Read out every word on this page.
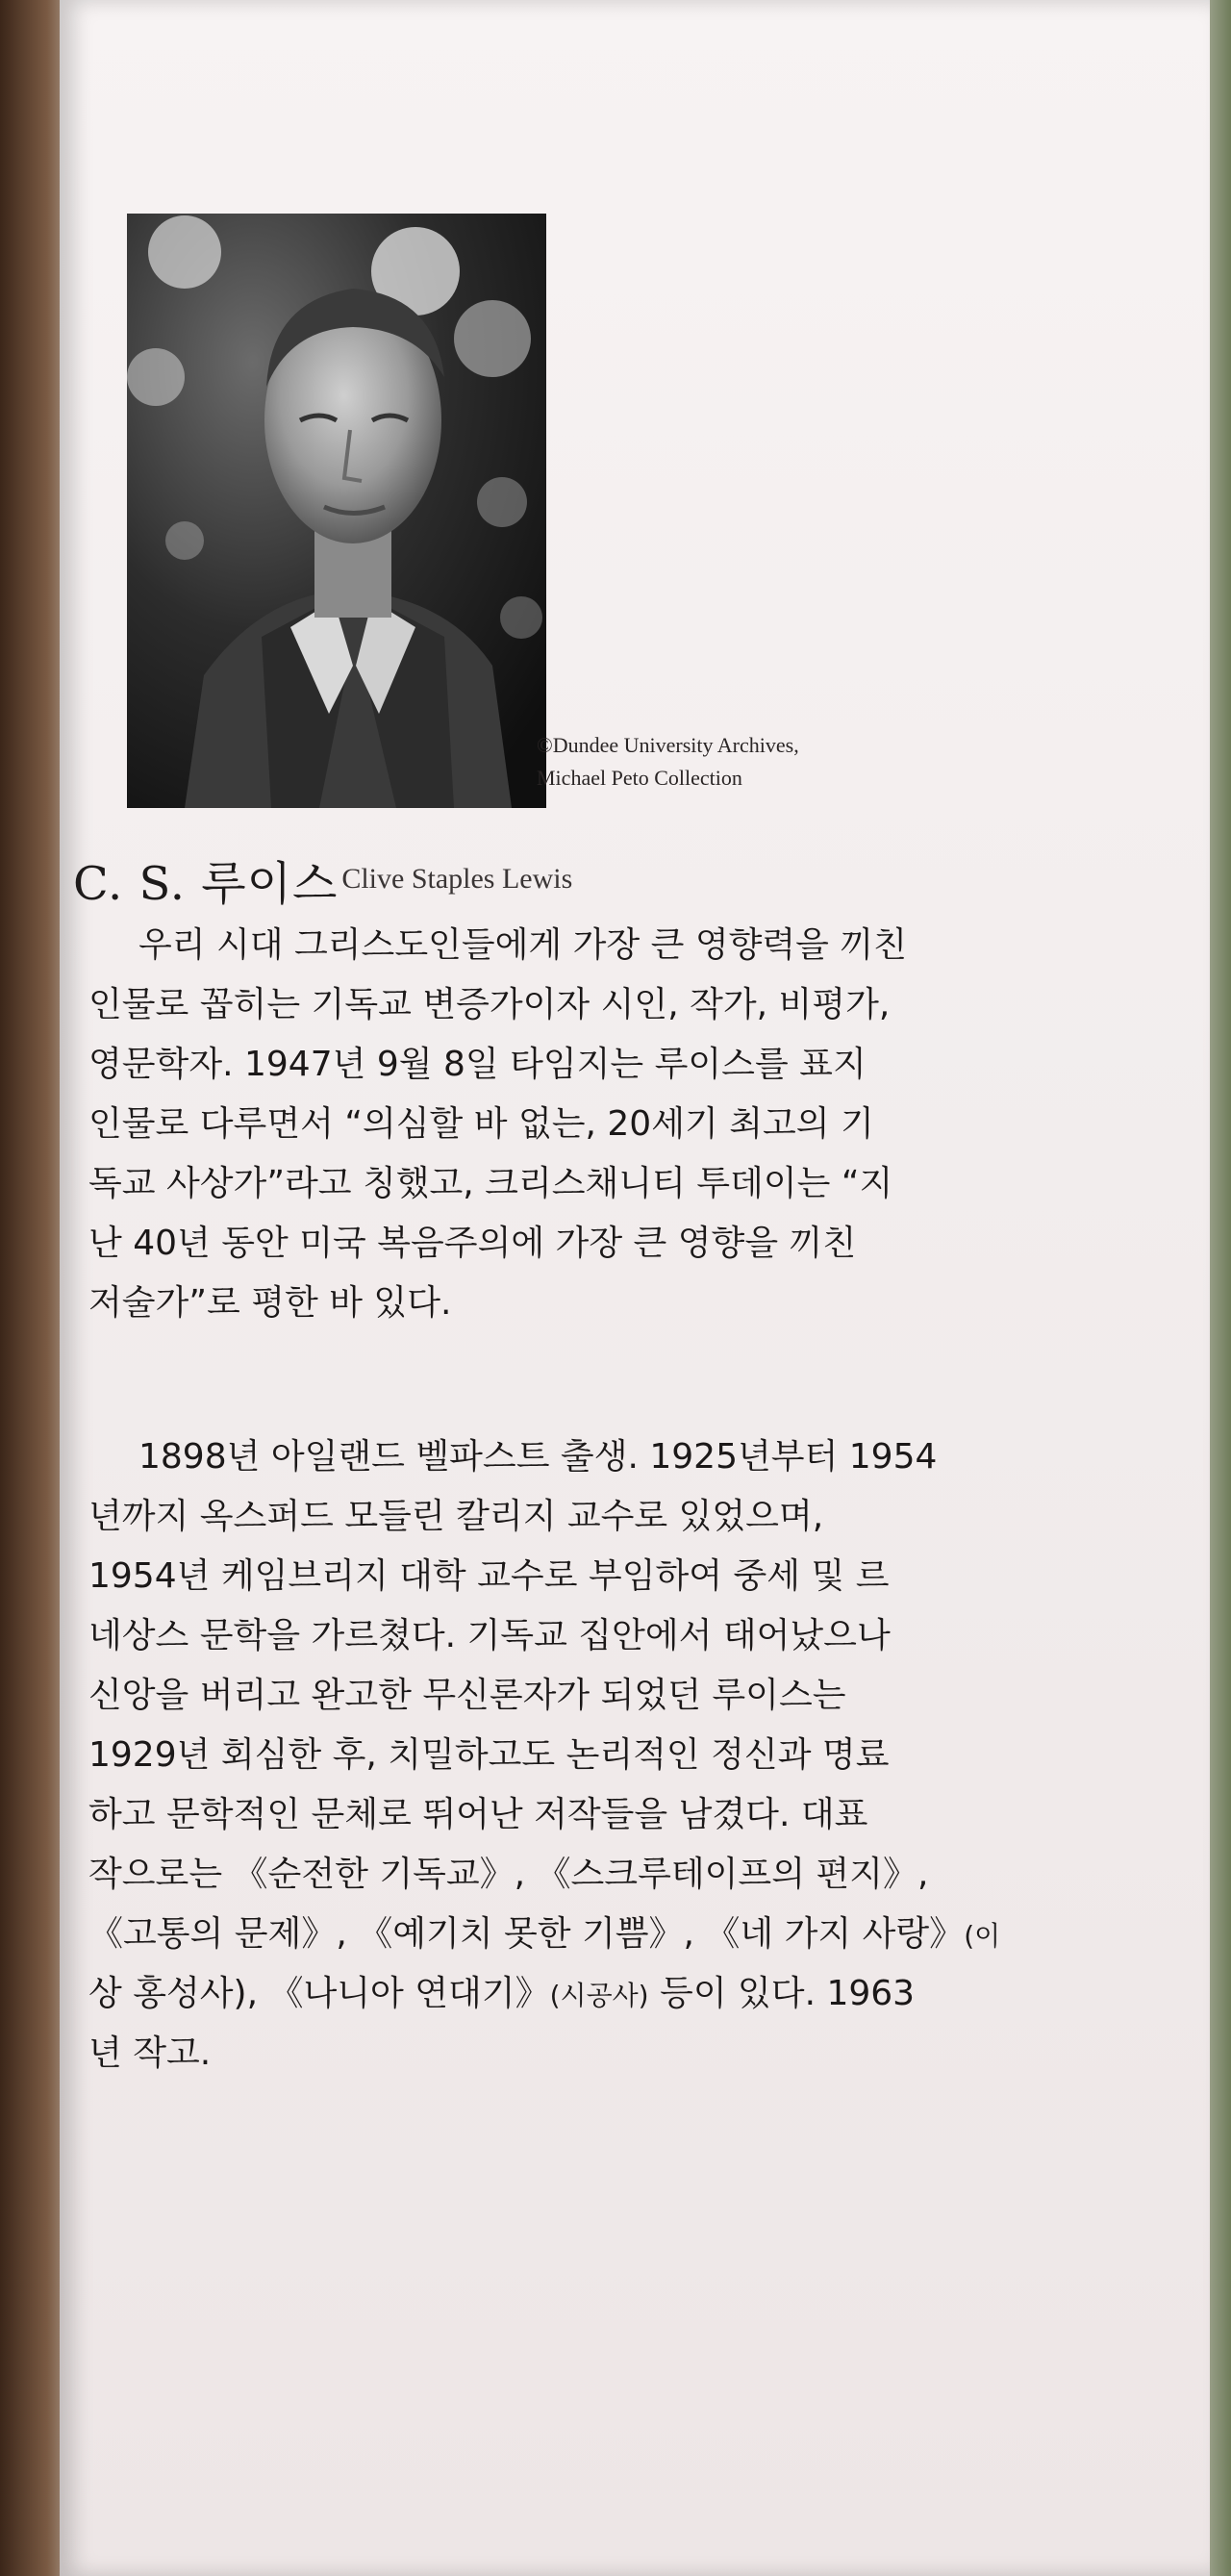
©Dundee University Archives,
Michael Peto Collection
C. S. 루이스 Clive Staples Lewis
우리 시대 그리스도인들에게 가장 큰 영향력을 끼친
인물로 꼽히는 기독교 변증가이자 시인, 작가, 비평가,
영문학자. 1947년 9월 8일 타임지는 루이스를 표지
인물로 다루면서 “의심할 바 없는, 20세기 최고의 기
독교 사상가”라고 칭했고, 크리스채니티 투데이는 “지
난 40년 동안 미국 복음주의에 가장 큰 영향을 끼친
저술가”로 평한 바 있다.
1898년 아일랜드 벨파스트 출생. 1925년부터 1954
년까지 옥스퍼드 모들린 칼리지 교수로 있었으며,
1954년 케임브리지 대학 교수로 부임하여 중세 및 르
네상스 문학을 가르쳤다. 기독교 집안에서 태어났으나
신앙을 버리고 완고한 무신론자가 되었던 루이스는
1929년 회심한 후, 치밀하고도 논리적인 정신과 명료
하고 문학적인 문체로 뛰어난 저작들을 남겼다. 대표
작으로는 《순전한 기독교》, 《스크루테이프의 편지》,
《고통의 문제》, 《예기치 못한 기쁨》, 《네 가지 사랑》(이
상 홍성사), 《나니아 연대기》(시공사) 등이 있다. 1963
년 작고.
